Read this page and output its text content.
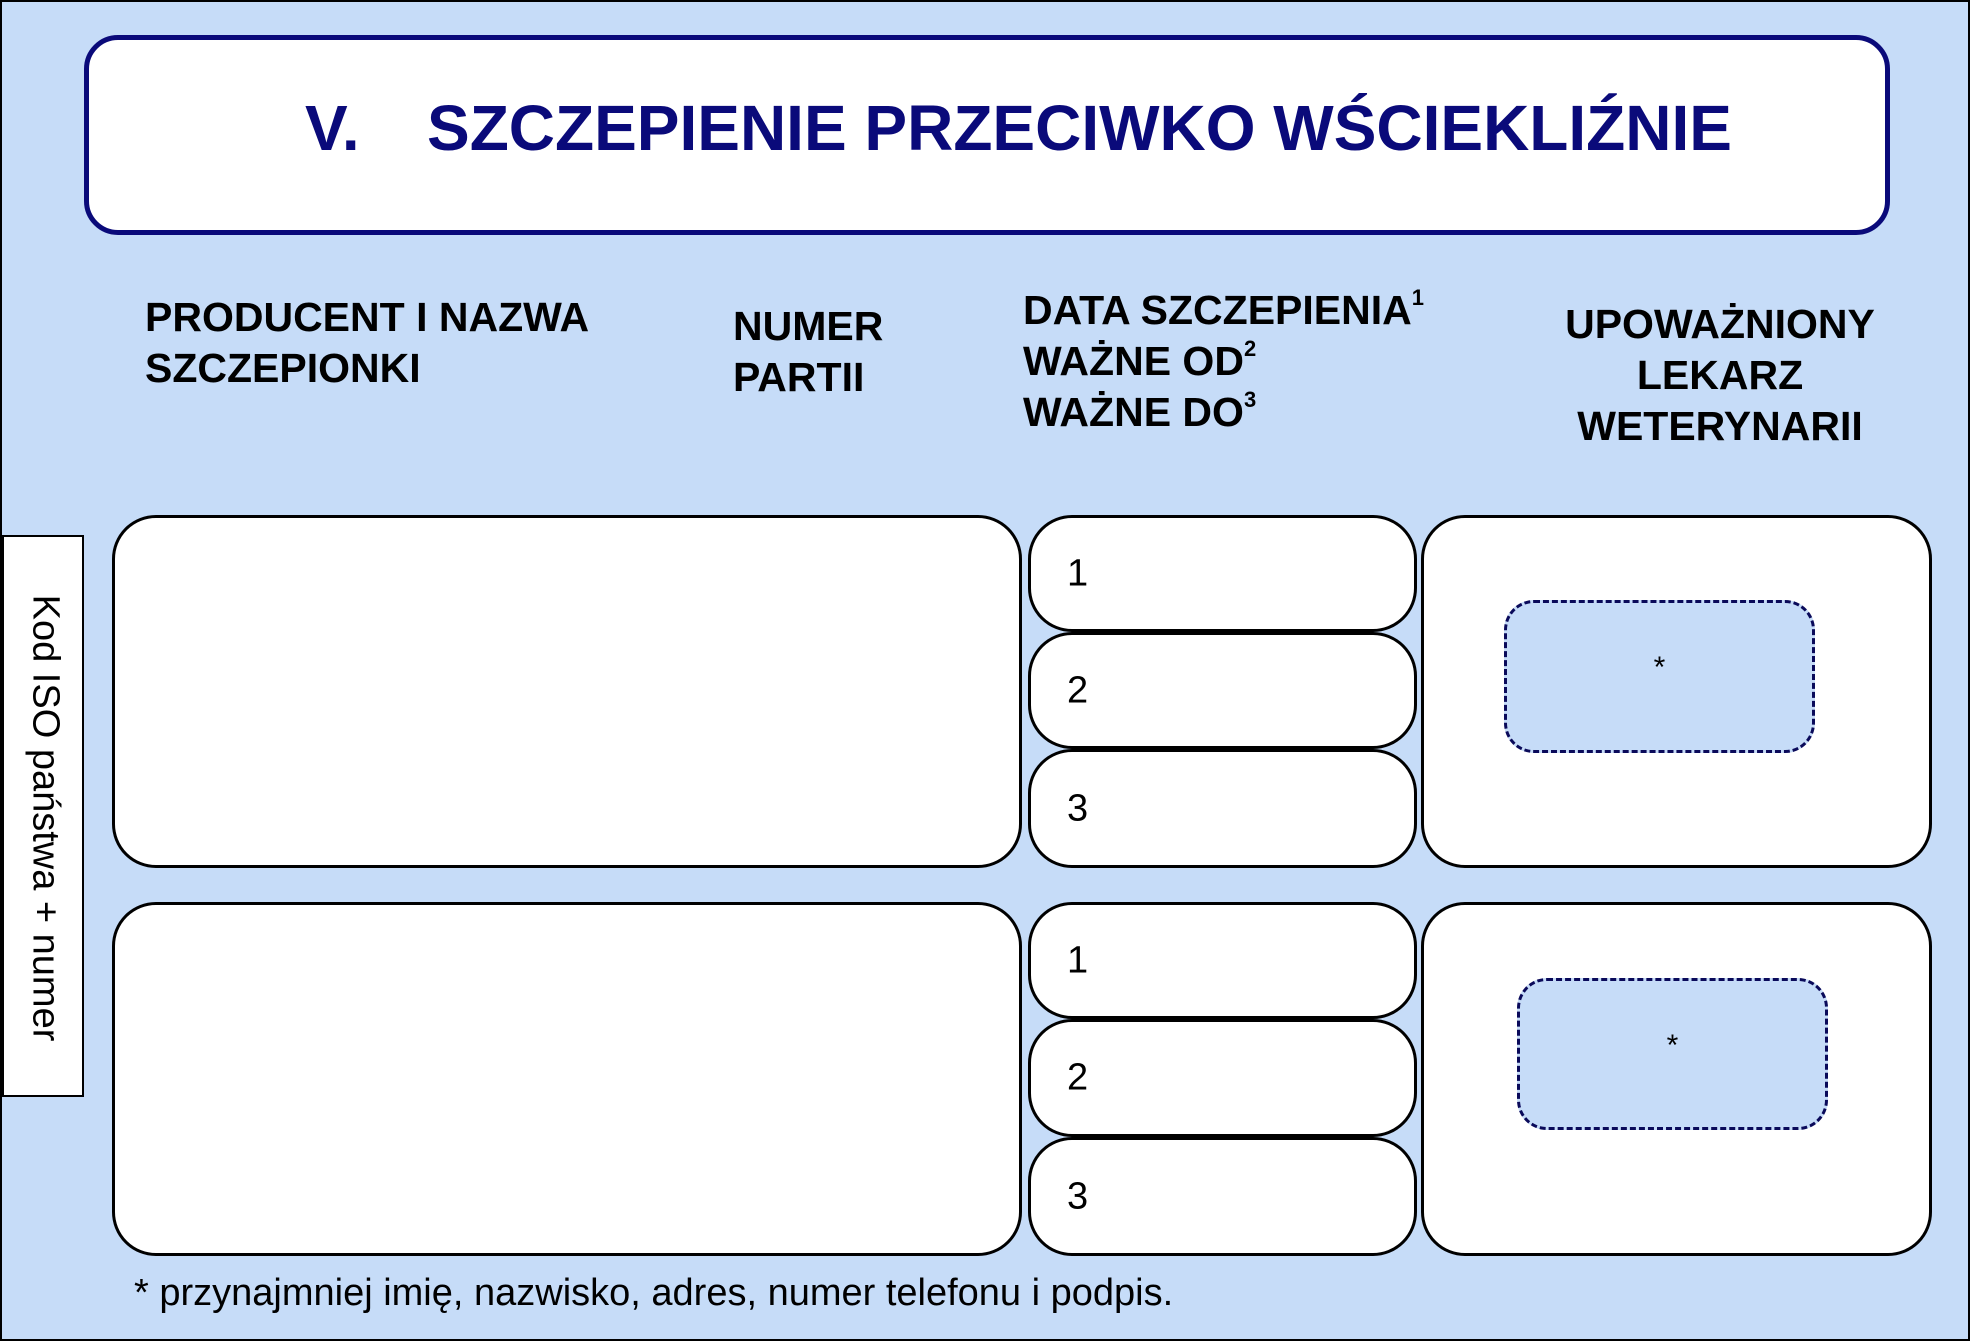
V. SZCZEPIENIE PRZECIWKO WŚCIEKLIŹNIE
PRODUCENT I NAZWA
SZCZEPIONKI
NUMER
PARTII
DATA SZCZEPIENIA$^1$
WAŻNE $OD^2$
WAŻNE $DO^3$
UPOWAŻNIONY
LEKARZ
WETERYNARII
Kod ISO państwa + numer
1
2
3
*
1
2
3
*
* przynajmniej imię, nazwisko, adres, numer telefonu i podpis.
